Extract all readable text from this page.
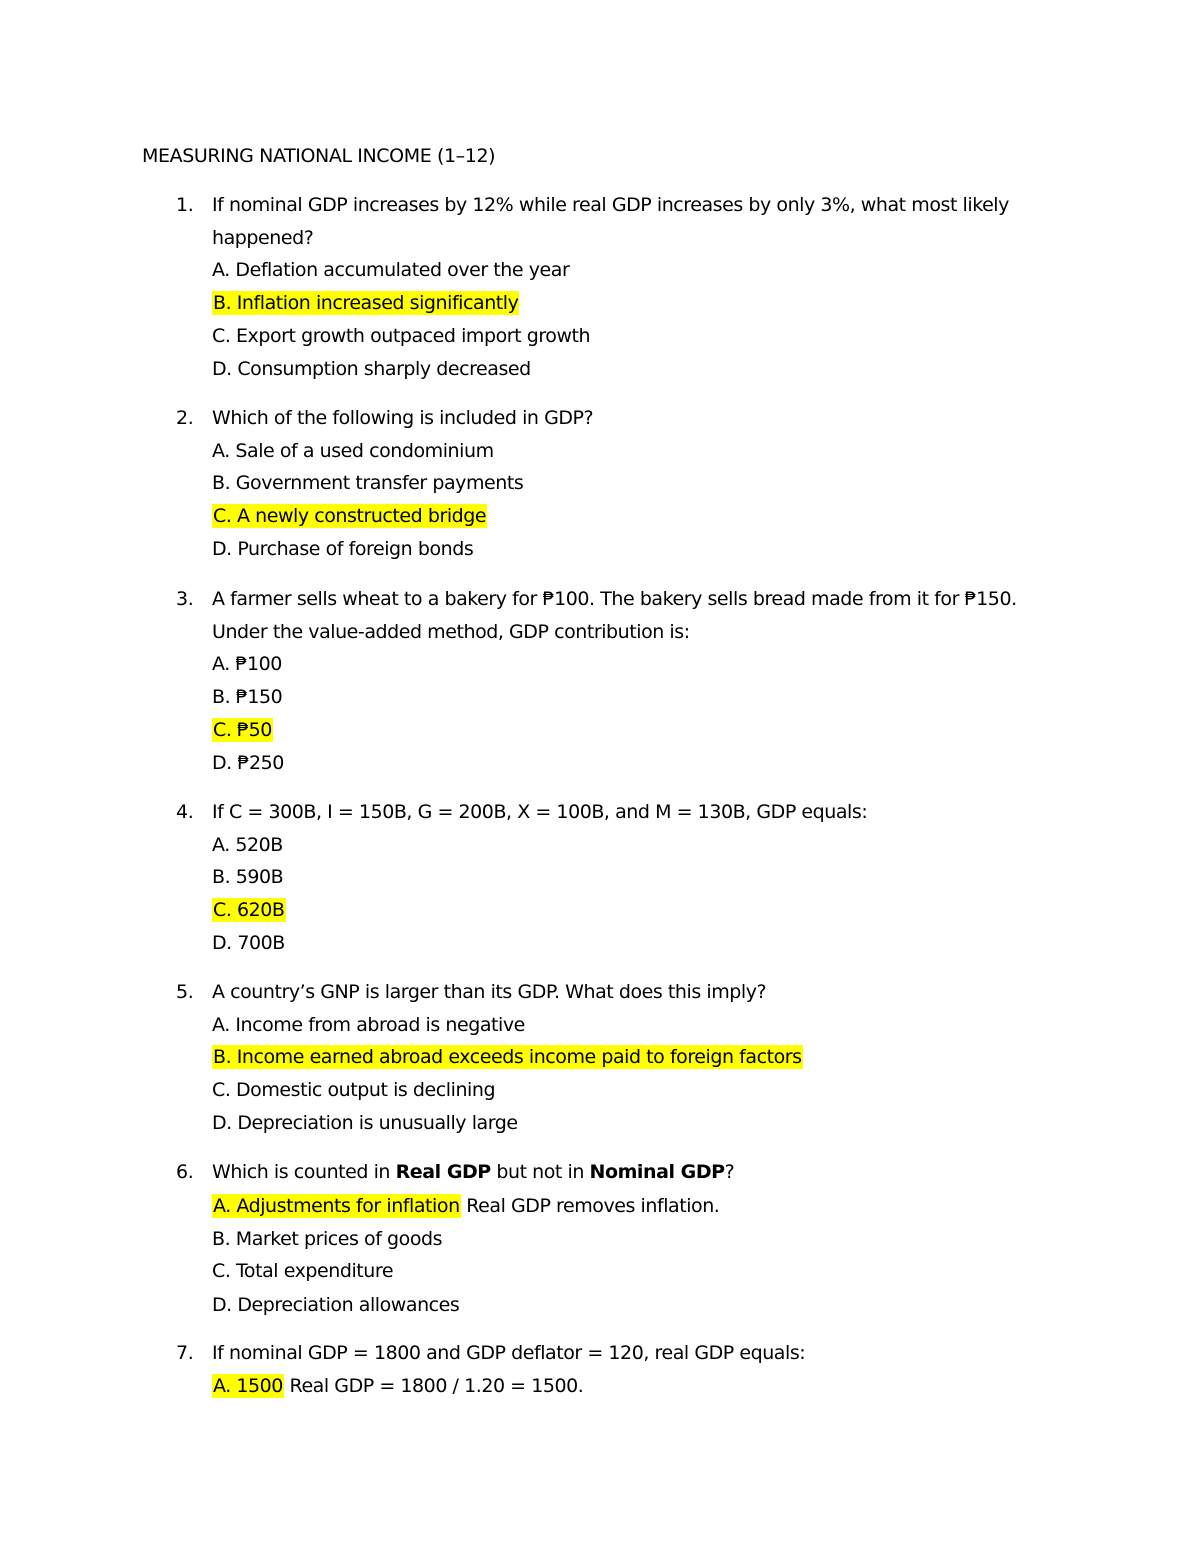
MEASURING NATIONAL INCOME (1–12)
1. If nominal GDP increases by 12% while real GDP increases by only 3%, what most likely
happened?
A. Deflation accumulated over the year
B. Inflation increased significantly
C. Export growth outpaced import growth
D. Consumption sharply decreased
2. Which of the following is included in GDP?
A. Sale of a used condominium
B. Government transfer payments
C. A newly constructed bridge
D. Purchase of foreign bonds
3. A farmer sells wheat to a bakery for ₱100. The bakery sells bread made from it for ₱150.
Under the value-added method, GDP contribution is:
A. ₱100
B. ₱150
C. ₱50
D. ₱250
4. If C = 300B, I = 150B, G = 200B, X = 100B, and M = 130B, GDP equals:
A. 520B
B. 590B
C. 620B
D. 700B
5. A country’s GNP is larger than its GDP. What does this imply?
A. Income from abroad is negative
B. Income earned abroad exceeds income paid to foreign factors
C. Domestic output is declining
D. Depreciation is unusually large
6. Which is counted in Real GDP but not in Nominal GDP?
A. Adjustments for inflation Real GDP removes inflation.
B. Market prices of goods
C. Total expenditure
D. Depreciation allowances
7. If nominal GDP = 1800 and GDP deflator = 120, real GDP equals:
A. 1500 Real GDP = 1800 / 1.20 = 1500.
